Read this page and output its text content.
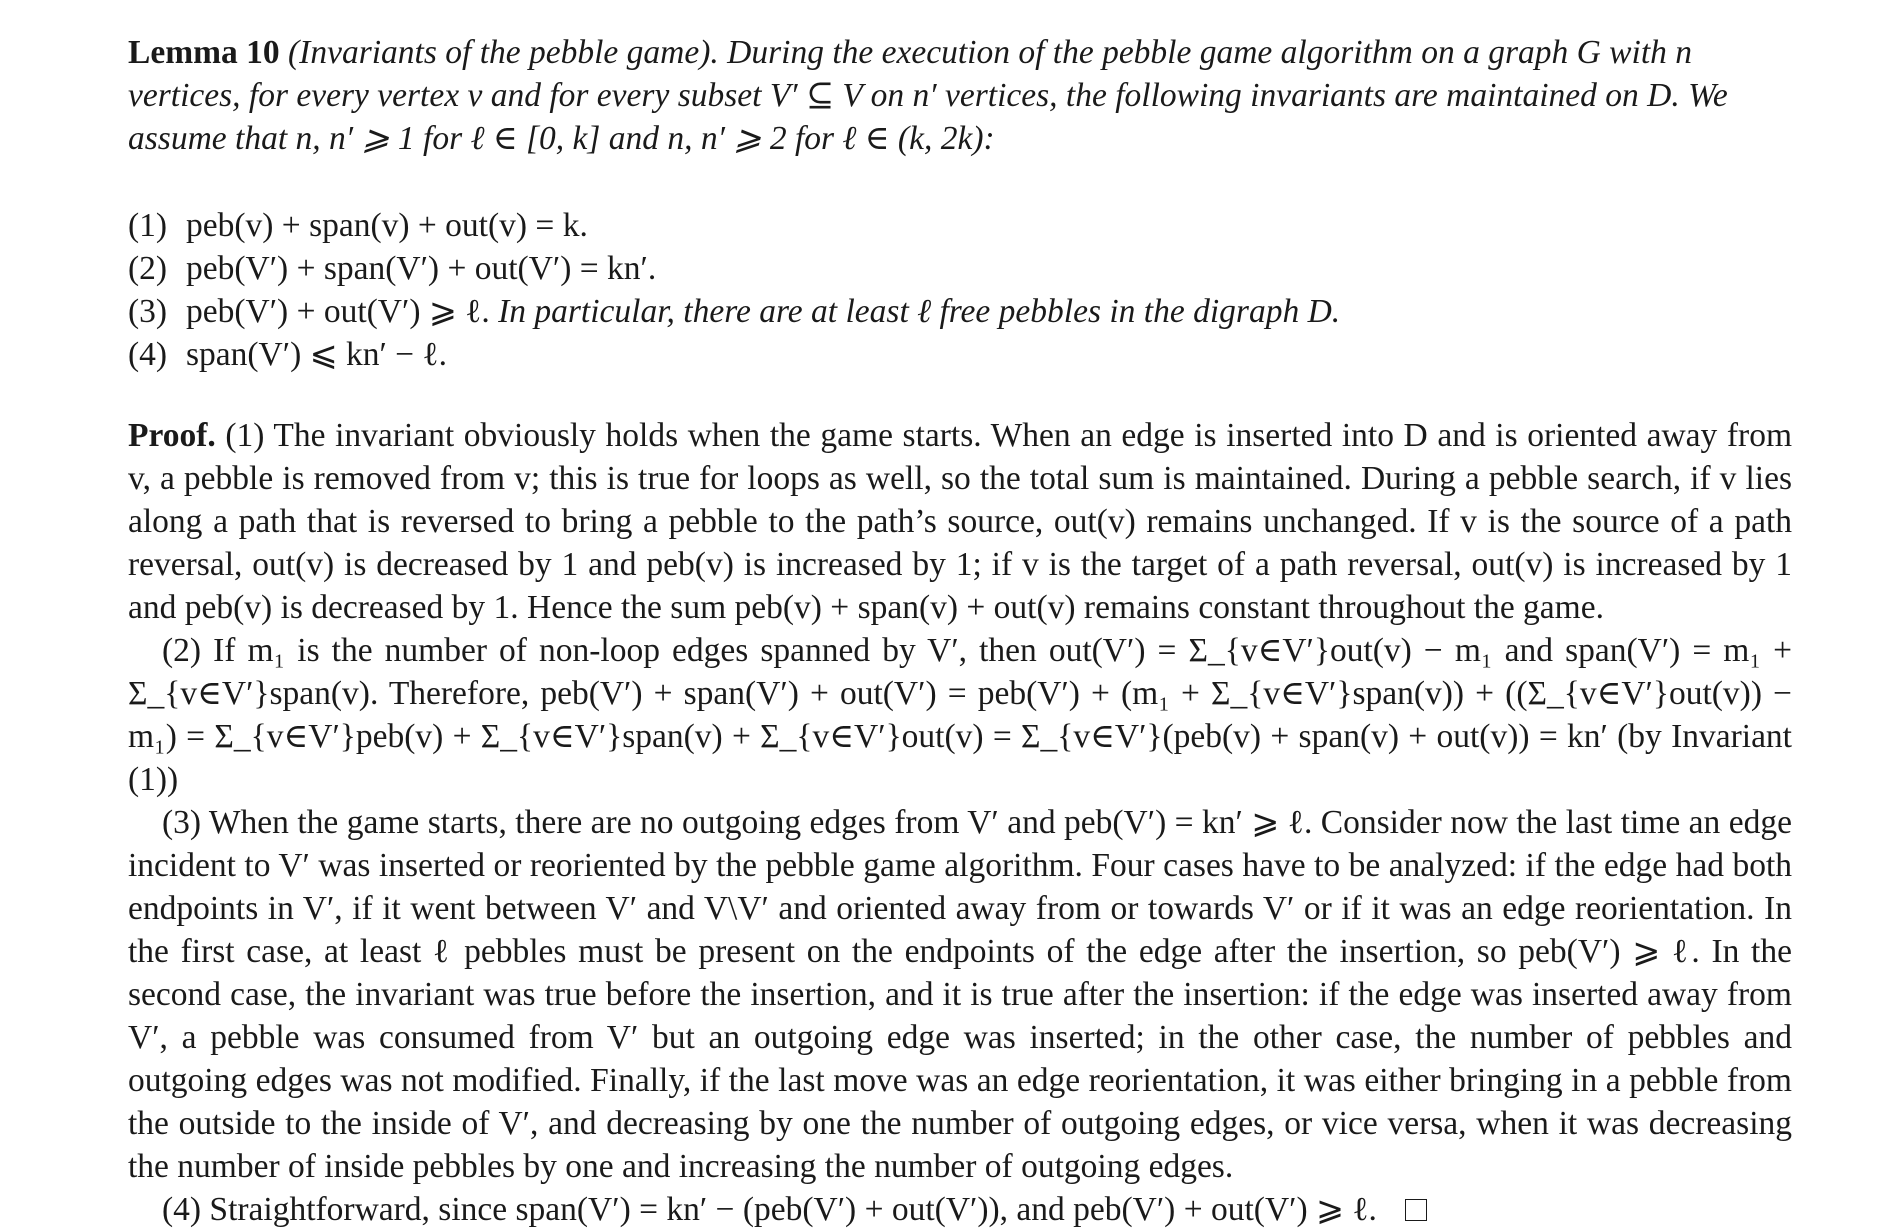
Lemma 10 (Invariants of the pebble game). During the execution of the pebble game algorithm on a graph G with n vertices, for every vertex v and for every subset V′ ⊆ V on n′ vertices, the following invariants are maintained on D. We assume that n, n′ ⩾ 1 for ℓ ∈ [0, k] and n, n′ ⩾ 2 for ℓ ∈ (k, 2k):
(1) peb(v) + span(v) + out(v) = k.
(2) peb(V′) + span(V′) + out(V′) = kn′.
(3) peb(V′) + out(V′) ⩾ ℓ. In particular, there are at least ℓ free pebbles in the digraph D.
(4) span(V′) ⩽ kn′ − ℓ.

Proof. (1) The invariant obviously holds when the game starts. When an edge is inserted into D and is oriented away from v, a pebble is removed from v; this is true for loops as well, so the total sum is maintained. During a pebble search, if v lies along a path that is reversed to bring a pebble to the path’s source, out(v) remains unchanged. If v is the source of a path reversal, out(v) is decreased by 1 and peb(v) is increased by 1; if v is the target of a path reversal, out(v) is increased by 1 and peb(v) is decreased by 1. Hence the sum peb(v) + span(v) + out(v) remains constant throughout the game.

(2) If m₁ is the number of non-loop edges spanned by V′, then out(V′) = Σ_{v∈V′}out(v) − m₁ and span(V′) = m₁ + Σ_{v∈V′}span(v). Therefore, peb(V′) + span(V′) + out(V′) = peb(V′) + (m₁ + Σ_{v∈V′}span(v)) + ((Σ_{v∈V′}out(v)) − m₁) = Σ_{v∈V′}peb(v) + Σ_{v∈V′}span(v) + Σ_{v∈V′}out(v) = Σ_{v∈V′}(peb(v) + span(v) + out(v)) = kn′ (by Invariant (1))

(3) When the game starts, there are no outgoing edges from V′ and peb(V′) = kn′ ⩾ ℓ. Consider now the last time an edge incident to V′ was inserted or reoriented by the pebble game algorithm. Four cases have to be analyzed: if the edge had both endpoints in V′, if it went between V′ and V\V′ and oriented away from or towards V′ or if it was an edge reorientation. In the first case, at least ℓ pebbles must be present on the endpoints of the edge after the insertion, so peb(V′) ⩾ ℓ. In the second case, the invariant was true before the insertion, and it is true after the insertion: if the edge was inserted away from V′, a pebble was consumed from V′ but an outgoing edge was inserted; in the other case, the number of pebbles and outgoing edges was not modified. Finally, if the last move was an edge reorientation, it was either bringing in a pebble from the outside to the inside of V′, and decreasing by one the number of outgoing edges, or vice versa, when it was decreasing the number of inside pebbles by one and increasing the number of outgoing edges.

(4) Straightforward, since span(V′) = kn′ − (peb(V′) + out(V′)), and peb(V′) + out(V′) ⩾ ℓ.
